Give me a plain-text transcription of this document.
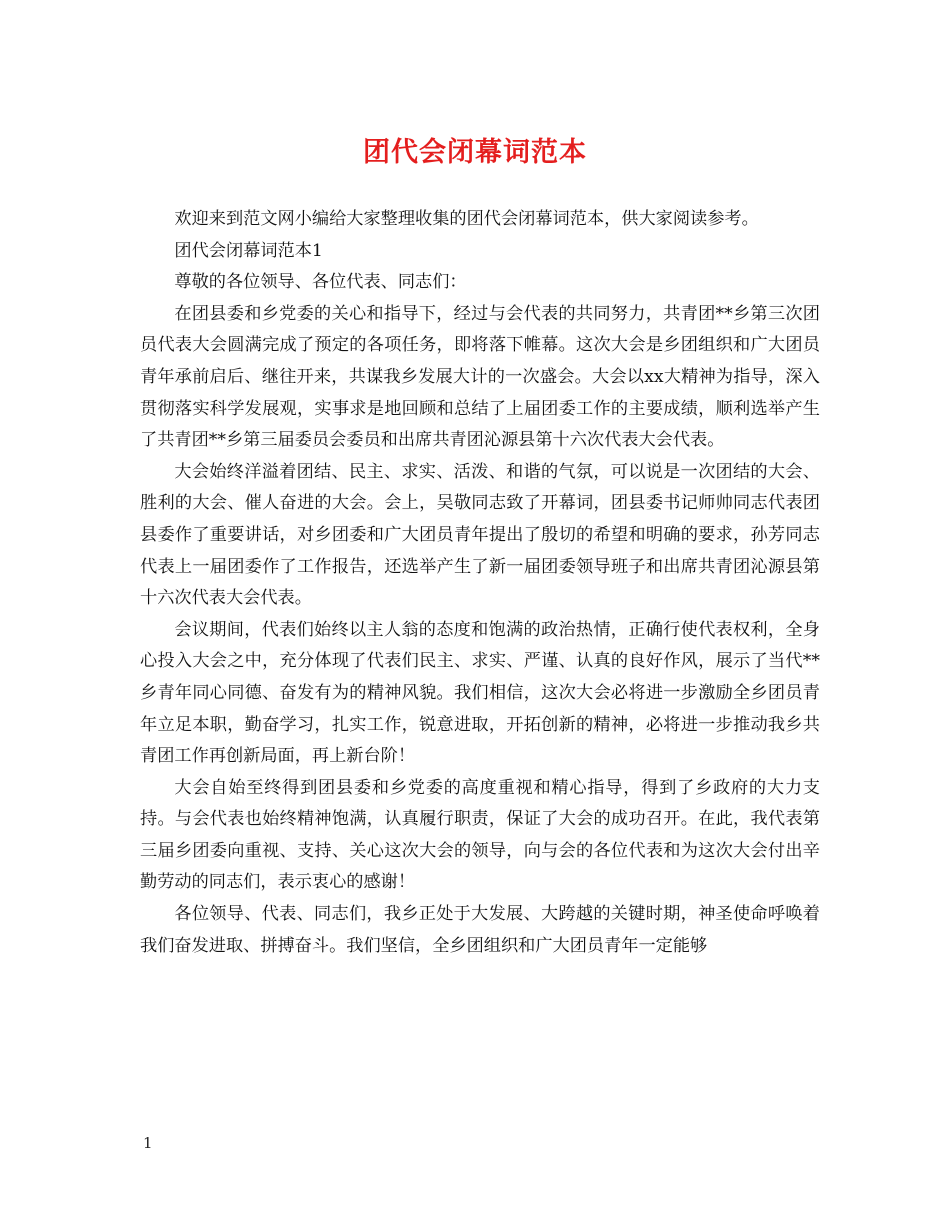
团代会闭幕词范本

欢迎来到范文网小编给大家整理收集的团代会闭幕词范本，供大家阅读参考。

团代会闭幕词范本1

尊敬的各位领导、各位代表、同志们：

在团县委和乡党委的关心和指导下，经过与会代表的共同努力，共青团**乡第三次团员代表大会圆满完成了预定的各项任务，即将落下帷幕。这次大会是乡团组织和广大团员青年承前启后、继往开来，共谋我乡发展大计的一次盛会。大会以xx大精神为指导，深入贯彻落实科学发展观，实事求是地回顾和总结了上届团委工作的主要成绩，顺利选举产生了共青团**乡第三届委员会委员和出席共青团沁源县第十六次代表大会代表。

大会始终洋溢着团结、民主、求实、活泼、和谐的气氛，可以说是一次团结的大会、胜利的大会、催人奋进的大会。会上，吴敬同志致了开幕词，团县委书记师帅同志代表团县委作了重要讲话，对乡团委和广大团员青年提出了殷切的希望和明确的要求，孙芳同志代表上一届团委作了工作报告，还选举产生了新一届团委领导班子和出席共青团沁源县第十六次代表大会代表。

会议期间，代表们始终以主人翁的态度和饱满的政治热情，正确行使代表权利，全身心投入大会之中，充分体现了代表们民主、求实、严谨、认真的良好作风，展示了当代**乡青年同心同德、奋发有为的精神风貌。我们相信，这次大会必将进一步激励全乡团员青年立足本职，勤奋学习，扎实工作，锐意进取，开拓创新的精神，必将进一步推动我乡共青团工作再创新局面，再上新台阶！

大会自始至终得到团县委和乡党委的高度重视和精心指导，得到了乡政府的大力支持。与会代表也始终精神饱满，认真履行职责，保证了大会的成功召开。在此，我代表第三届乡团委向重视、支持、关心这次大会的领导，向与会的各位代表和为这次大会付出辛勤劳动的同志们，表示衷心的感谢！

各位领导、代表、同志们，我乡正处于大发展、大跨越的关键时期，神圣使命呼唤着我们奋发进取、拼搏奋斗。我们坚信，全乡团组织和广大团员青年一定能够

1
